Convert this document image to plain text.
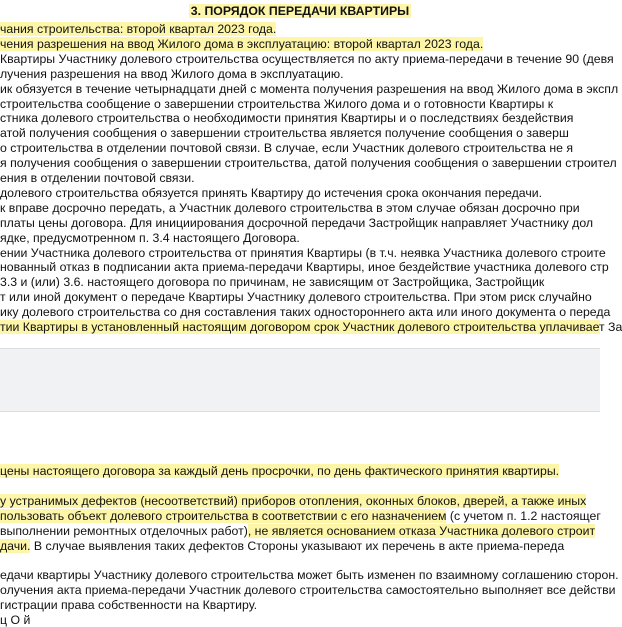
3. ПОРЯДОК ПЕРЕДАЧИ КВАРТИРЫ
чания строительства: второй квартал 2023 года.
чения разрешения на ввод Жилого дома в эксплуатацию: второй квартал 2023 года.
Квартиры Участнику долевого строительства осуществляется по акту приема-передачи в течение 90 (девя
лучения разрешения на ввод Жилого дома в эксплуатацию.
ик обязуется в течение четырнадцати дней с момента получения разрешения на ввод Жилого дома в экспл
строительства сообщение о завершении строительства Жилого дома и о готовности Квартиры к
стника долевого строительства о необходимости принятия Квартиры и о последствиях бездействия
атой получения сообщения о завершении строительства является получение сообщения о заверш
о строительства в отделении почтовой связи. В случае, если Участник долевого строительства не я
я получения сообщения о завершении строительства, датой получения сообщения о завершении строител
ения в отделении почтовой связи.
долевого строительства обязуется принять Квартиру до истечения срока окончания передачи.
к вправе досрочно передать, а Участник долевого строительства в этом случае обязан досрочно при
платы цены договора. Для инициирования досрочной передачи Застройщик направляет Участнику дол
ядке, предусмотренном п. 3.4 настоящего Договора.
ении Участника долевого строительства от принятия Квартиры (в т.ч. неявка Участника долевого строите
нованный отказ в подписании акта приема-передачи Квартиры, иное бездействие участника долевого стр
3.3 и (или) 3.6. настоящего договора по причинам, не зависящим от Застройщика, Застройщик
т или иной документ о передаче Квартиры Участнику долевого строительства. При этом риск случайно
ику долевого строительства со дня составления таких одностороннего акта или иного документа о переда
тии Квартиры в установленный настоящим договором срок Участник долевого строительства уплачивает За
цены настоящего договора за каждый день просрочки, по день фактического принятия квартиры.
у устранимых дефектов (несоответствий) приборов отопления, оконных блоков, дверей, а также иных
пользовать объект долевого строительства в соответствии с его назначением (с учетом п. 1.2 настоящег
выполнении ремонтных отделочных работ), не является основанием отказа Участника долевого строит
дачи. В случае выявления таких дефектов Стороны указывают их перечень в акте приема-переда
едачи квартиры Участнику долевого строительства может быть изменен по взаимному соглашению сторон.
олучения акта приема-передачи Участник долевого строительства самостоятельно выполняет все действи
гистрации права собственности на Квартиру.
ц О й
